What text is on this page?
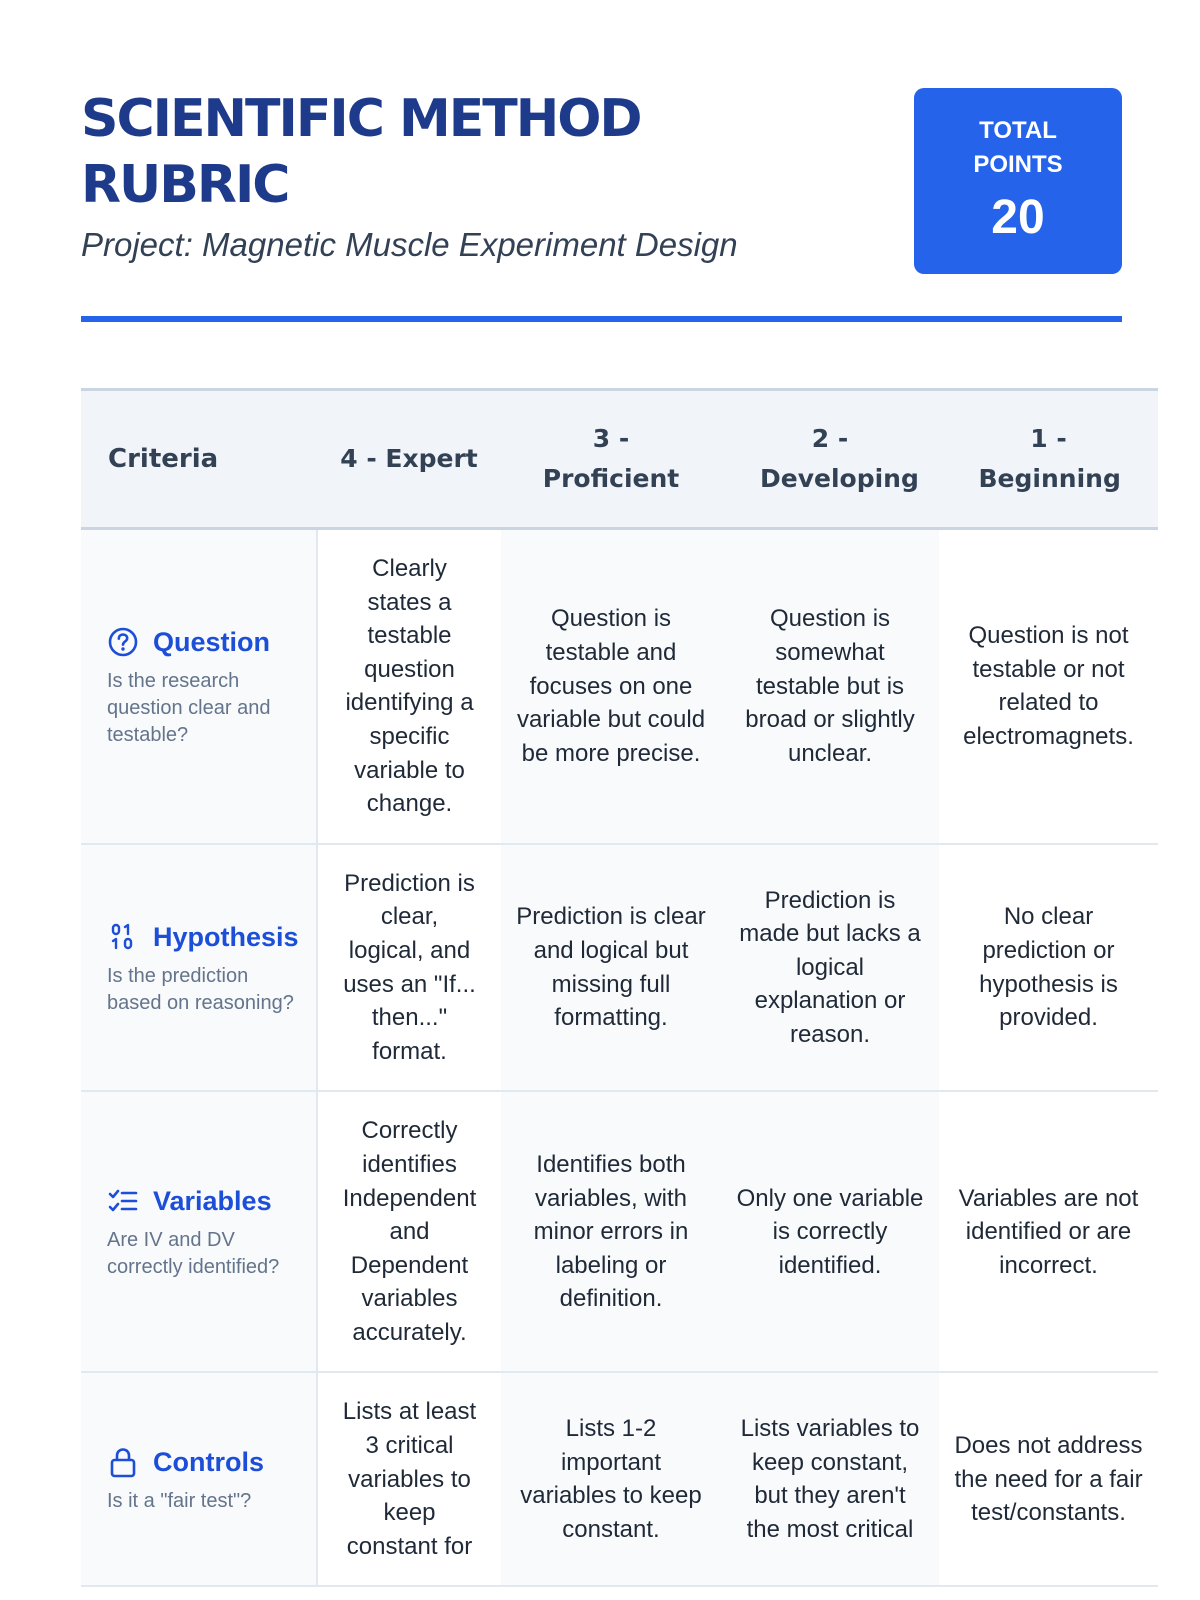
SCIENTIFIC METHOD RUBRIC
Project: Magnetic Muscle Experiment Design
TOTAL POINTS
20
Criteria	4 - Expert	3 - Proficient	2 - Developing	1 - Beginning

Question
Is the research question clear and testable?	Clearly states a testable question identifying a specific variable to change.	Question is testable and focuses on one variable but could be more precise.	Question is somewhat testable but is broad or slightly unclear.	Question is not testable or not related to electromagnets.

Hypothesis
Is the prediction based on reasoning?	Prediction is clear, logical, and uses an "If... then..." format.	Prediction is clear and logical but missing full formatting.	Prediction is made but lacks a logical explanation or reason.	No clear prediction or hypothesis is provided.

Variables
Are IV and DV correctly identified?	Correctly identifies Independent and Dependent variables accurately.	Identifies both variables, with minor errors in labeling or definition.	Only one variable is correctly identified.	Variables are not identified or are incorrect.

Controls
Is it a "fair test"?	Lists at least 3 critical variables to keep constant for	Lists 1-2 important variables to keep constant.	Lists variables to keep constant, but they aren't the most critical	Does not address the need for a fair test/constants.
